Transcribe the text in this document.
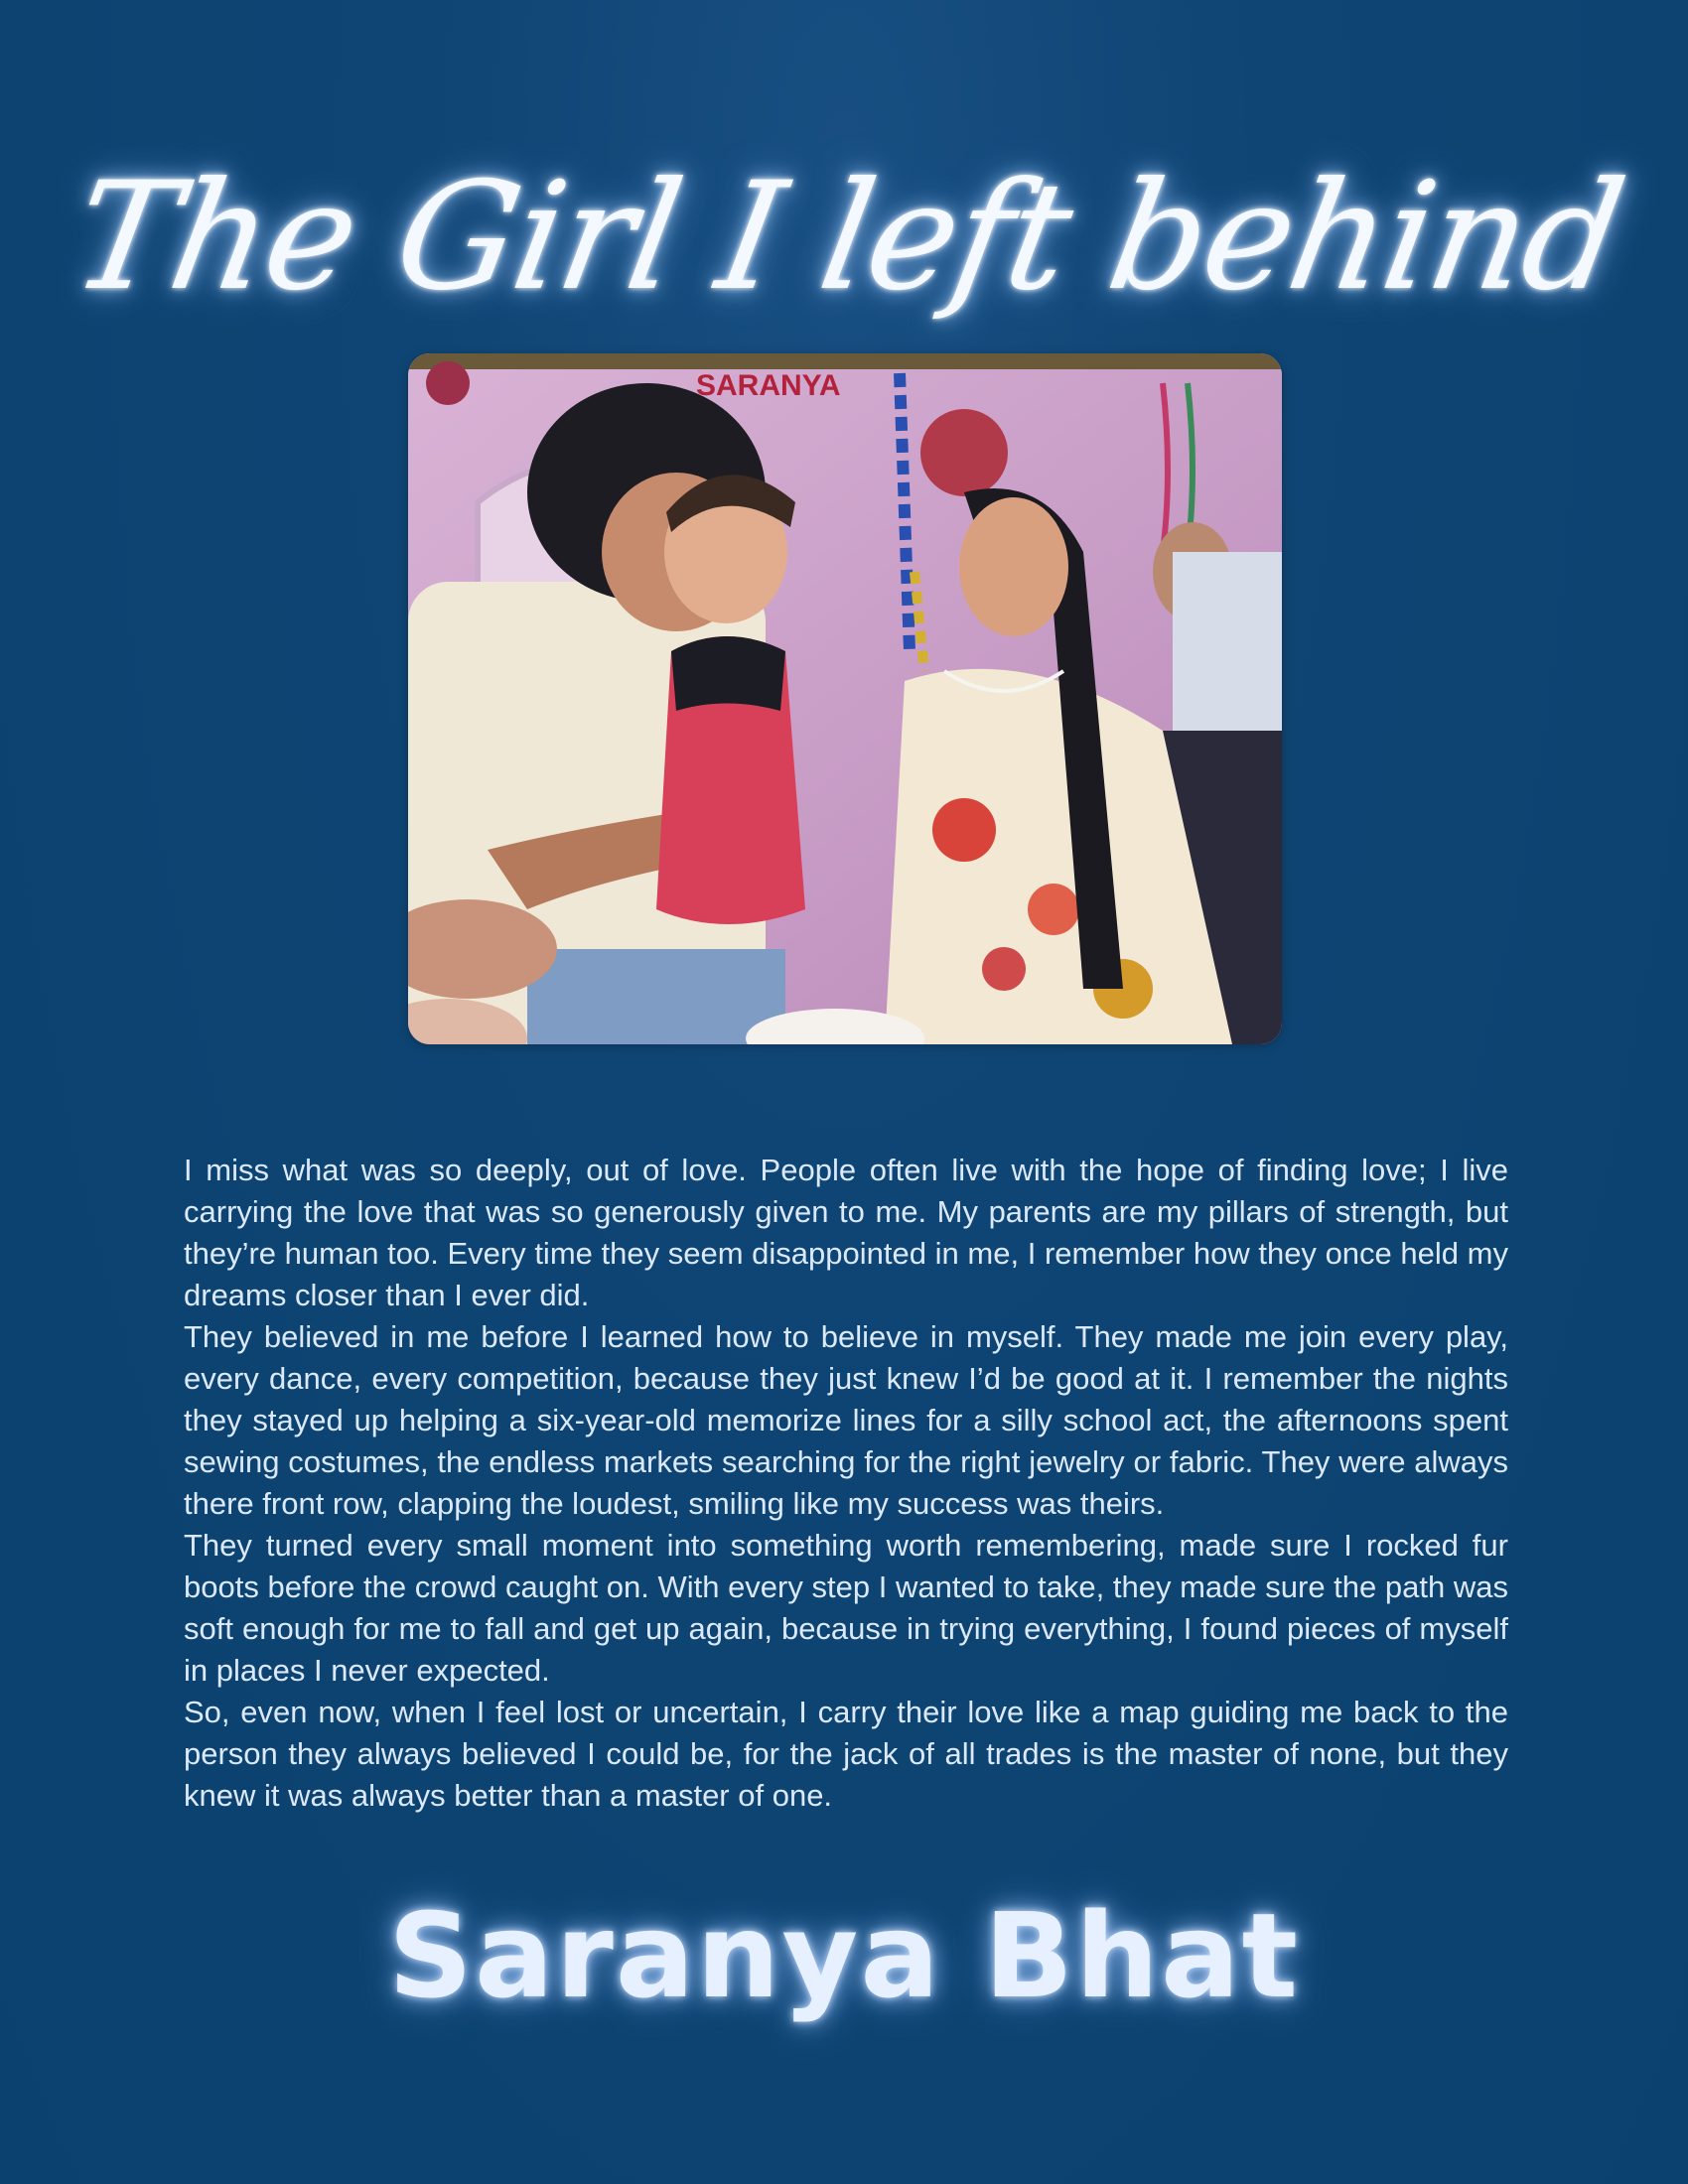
The Girl I left behind
SARANYA

I miss what was so deeply, out of love. People often live with the hope of finding love; I live carrying the love that was so generously given to me. My parents are my pillars of strength, but they’re human too. Every time they seem disappointed in me, I remember how they once held my dreams closer than I ever did.

They believed in me before I learned how to believe in myself. They made me join every play, every dance, every competition, because they just knew I’d be good at it. I remember the nights they stayed up helping a six-year-old memorize lines for a silly school act, the afternoons spent sewing costumes, the endless markets searching for the right jewelry or fabric. They were always there front row, clapping the loudest, smiling like my success was theirs.

They turned every small moment into something worth remembering, made sure I rocked fur boots before the crowd caught on. With every step I wanted to take, they made sure the path was soft enough for me to fall and get up again, because in trying everything, I found pieces of myself in places I never expected.

So, even now, when I feel lost or uncertain, I carry their love like a map guiding me back to the person they always believed I could be, for the jack of all trades is the master of none, but they knew it was always better than a master of one.

Saranya Bhat
